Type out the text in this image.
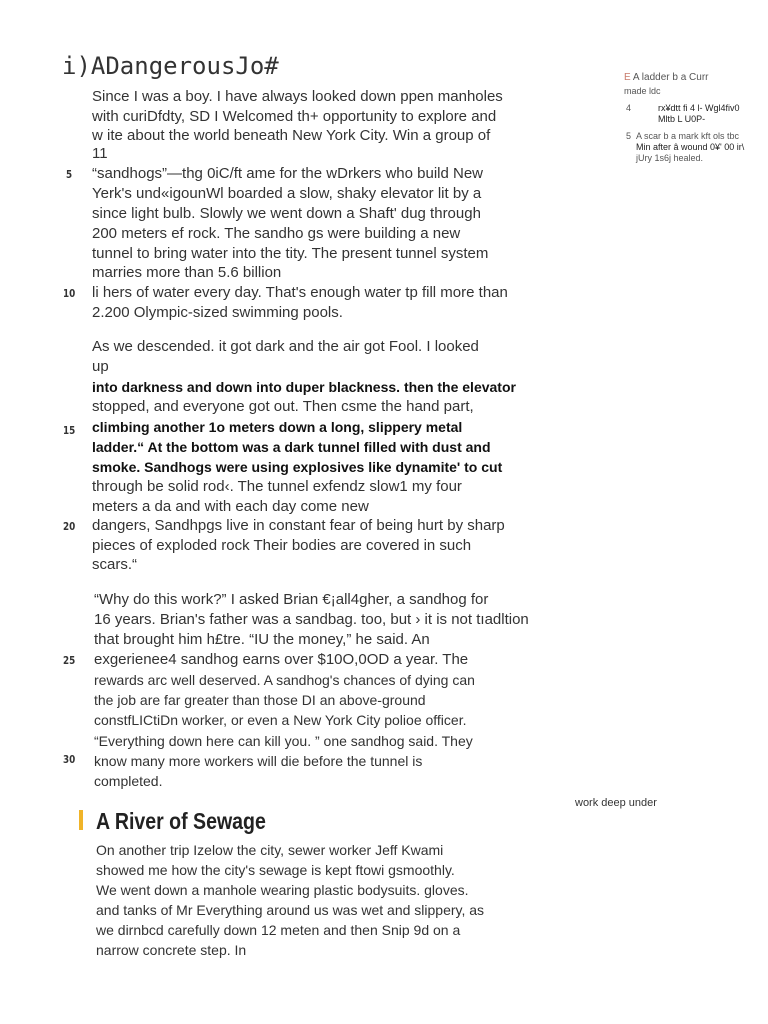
i)ADangerousJo#	E A ladder b a Curr
made ldc
4	rx¥dtt fi 4 l- Wgl4fiv0
Mltb L U0P-
5 A scar b a mark kft ols tbc
Min after â wound 0¥' 00 ir\
jUry 1s6j healed.
5
10
15
20
25
30
Since I was a boy. I have always looked down ppen manholes
with curiDfdty, SD I Welcomed th+ opportunity to explore and
w ite about the world beneath New York City. Win a group of
11
“sandhogs”—thg 0iC/ft ame for the wDrkers who build New
Yerk's und«igounWl boarded a slow, shaky elevator lit by a
since light bulb. Slowly we went down a Shaft' dug through
200 meters ef rock. The sandho gs were building a new
tunnel to bring water into the tity. The present tunnel system
marries more than 5.6 billion
li hers of water every day. That's enough water tp fill more than
2.200 Olympic-sized swimming pools.
As we descended. it got dark and the air got Fool. I looked
up
into darkness and down into duper blackness. then the elevator
stopped, and everyone got out. Then csme the hand part,
climbing another 1o meters down a long, slippery metal
ladder.“ At the bottom was a dark tunnel filled with dust and
smoke. Sandhogs were using explosives like dynamite' to cut
through be solid rod‹. The tunnel exfendz slow1 my four
meters a da and with each day come new
dangers, Sandhpgs live in constant fear of being hurt by sharp
pieces of exploded rock Their bodies are covered in such
scars.“
“Why do this work?” I asked Brian €¡all4gher, a sandhog for
16 years. Brian's father was a sandbag. too, but › it is not tıadltion
that brought him h£tre. “IU the money,” he said. An
exgerienee4 sandhog earns over $10O,0OD a year. The
rewards arc well deserved. A sandhog's chances of dying can
the job are far greater than those DI an above-ground
constfLICtiDn worker, or even a New York City polioe officer.
“Everything down here can kill you. ” one sandhog said. They
know many more workers will die before the tunnel is
completed.
A River of Sewage
work deep under
On another trip Izelow the city, sewer worker Jeff Kwami
showed me how the city's sewage is kept ftowi gsmoothly.
We went down a manhole wearing plastic bodysuits. gloves.
and tanks of Mr Everything around us was wet and slippery, as
we dirnbcd carefully down 12 meten and then Snip 9d on a
narrow concrete step. In
